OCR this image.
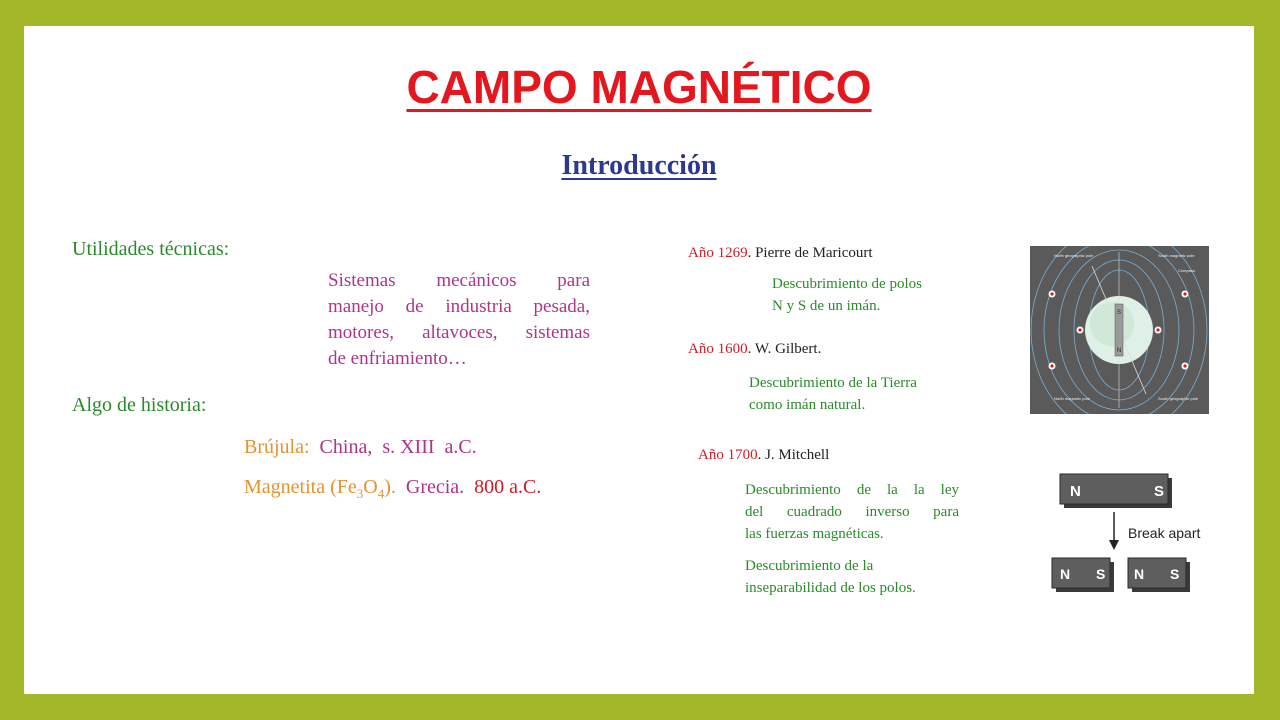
CAMPO MAGNÉTICO
Introducción
Utilidades técnicas:
Sistemas mecánicos para
manejo de industria pesada,
motores, altavoces, sistemas
de enfriamiento…
Algo de historia:
Brújula: China, s. XIII a.C.
Magnetita $(Fe_3O_4)$. Grecia. 800 a.C.
Año 1269. Pierre de Maricourt
Descubrimiento de polos
N y S de un imán.
Año 1600. W. Gilbert.
Descubrimiento de la Tierra
como imán natural.
Año 1700. J. Mitchell
Descubrimiento de la la ley
del cuadrado inverso para
las fuerzas magnéticas.
Descubrimiento de la
inseparabilidad de los polos.
S
N
North geographic pole	South magnetic pole
Compass
North magnetic pole	South geographic pole
N	S
Break apart
N S N S
